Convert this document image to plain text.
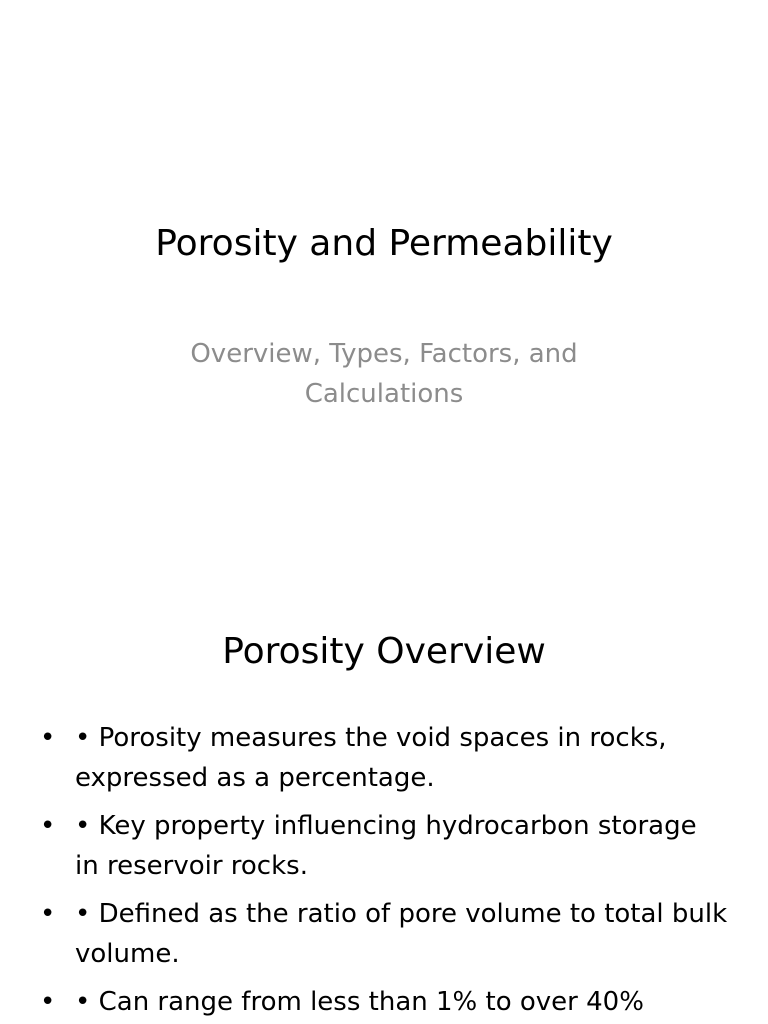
Porosity and Permeability

Overview, Types, Factors, and Calculations

Porosity Overview
• • Porosity measures the void spaces in rocks, expressed as a percentage.
• • Key property influencing hydrocarbon storage in reservoir rocks.
• • Defined as the ratio of pore volume to total bulk volume.
• • Can range from less than 1% to over 40%
